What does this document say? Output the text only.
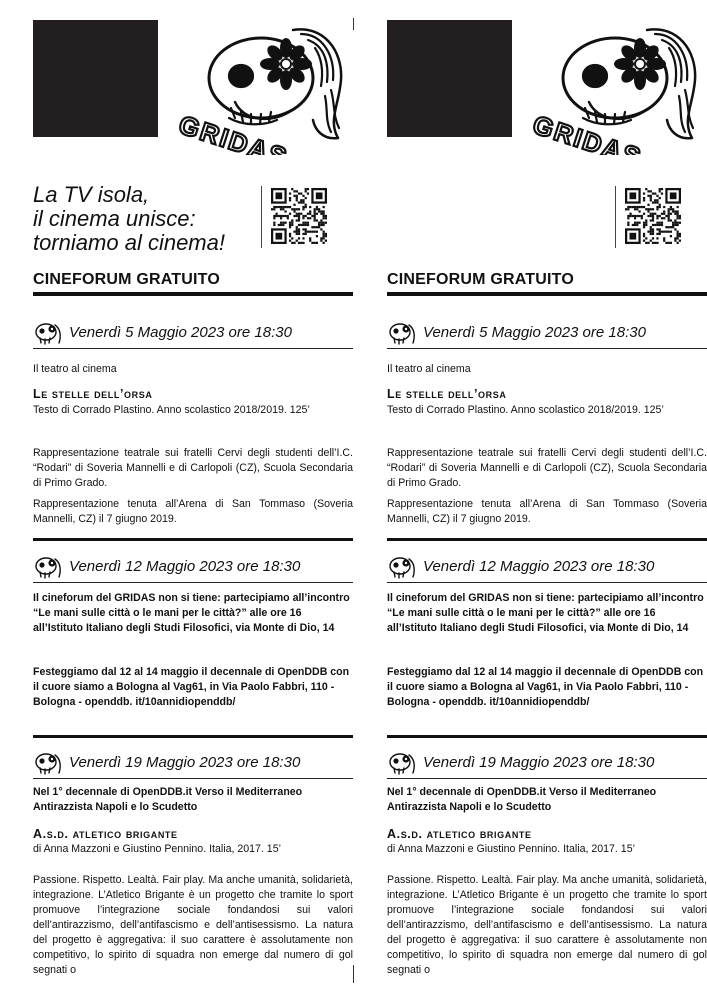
GRIDAS
La TV isola,
il cinema unisce:
torniamo al cinema!
CINEFORUM GRATUITO
Venerdì 5 Maggio 2023 ore 18:30
Il teatro al cinema
Le stelle dell’orsa
Testo di Corrado Plastino. Anno scolastico 2018/2019. 125’
Rappresentazione teatrale sui fratelli Cervi degli studenti dell’I.C. “Rodari” di Soveria Mannelli e di Carlopoli (CZ), Scuola Secondaria di Primo Grado.
Rappresentazione tenuta all’Arena di San Tommaso (Soveria Mannelli, CZ) il 7 giugno 2019.
Venerdì 12 Maggio 2023 ore 18:30
Il cineforum del GRIDAS non si tiene: partecipiamo all’incontro “Le mani sulle città o le mani per le città?” alle ore 16 all’Istituto Italiano degli Studi Filosofici, via Monte di Dio, 14
Festeggiamo dal 12 al 14 maggio il decennale di OpenDDB con il cuore siamo a Bologna al Vag61, in Via Paolo Fabbri, 110 - Bologna - openddb. it/10annidiopenddb/
Venerdì 19 Maggio 2023 ore 18:30
Nel 1° decennale di OpenDDB.it Verso il Mediterraneo Antirazzista Napoli e lo Scudetto
A.s.d. atletico brigante
di Anna Mazzoni e Giustino Pennino. Italia, 2017. 15’
Passione. Rispetto. Lealtà. Fair play. Ma anche umanità, solidarietà, integrazione. L’Atletico Brigante è un progetto che tramite lo sport promuove l’integrazione sociale fondandosi sui valori dell’antirazzismo, dell’antifascismo e dell’antisessismo. La natura del progetto è aggregativa: il suo carattere è assolutamente non competitivo, lo spirito di squadra non emerge dal numero di gol segnati o
GRIDAS
CINEFORUM GRATUITO
Venerdì 5 Maggio 2023 ore 18:30
Il teatro al cinema
Le stelle dell’orsa
Testo di Corrado Plastino. Anno scolastico 2018/2019. 125’
Rappresentazione teatrale sui fratelli Cervi degli studenti dell’I.C. “Rodari” di Soveria Mannelli e di Carlopoli (CZ), Scuola Secondaria di Primo Grado.
Rappresentazione tenuta all’Arena di San Tommaso (Soveria Mannelli, CZ) il 7 giugno 2019.
Venerdì 12 Maggio 2023 ore 18:30
Il cineforum del GRIDAS non si tiene: partecipiamo all’incontro “Le mani sulle città o le mani per le città?” alle ore 16 all’Istituto Italiano degli Studi Filosofici, via Monte di Dio, 14
Festeggiamo dal 12 al 14 maggio il decennale di OpenDDB con il cuore siamo a Bologna al Vag61, in Via Paolo Fabbri, 110 - Bologna - openddb. it/10annidiopenddb/
Venerdì 19 Maggio 2023 ore 18:30
Nel 1° decennale di OpenDDB.it Verso il Mediterraneo Antirazzista Napoli e lo Scudetto
A.s.d. atletico brigante
di Anna Mazzoni e Giustino Pennino. Italia, 2017. 15’
Passione. Rispetto. Lealtà. Fair play. Ma anche umanità, solidarietà, integrazione. L’Atletico Brigante è un progetto che tramite lo sport promuove l’integrazione sociale fondandosi sui valori dell’antirazzismo, dell’antifascismo e dell’antisessismo. La natura del progetto è aggregativa: il suo carattere è assolutamente non competitivo, lo spirito di squadra non emerge dal numero di gol segnati o
